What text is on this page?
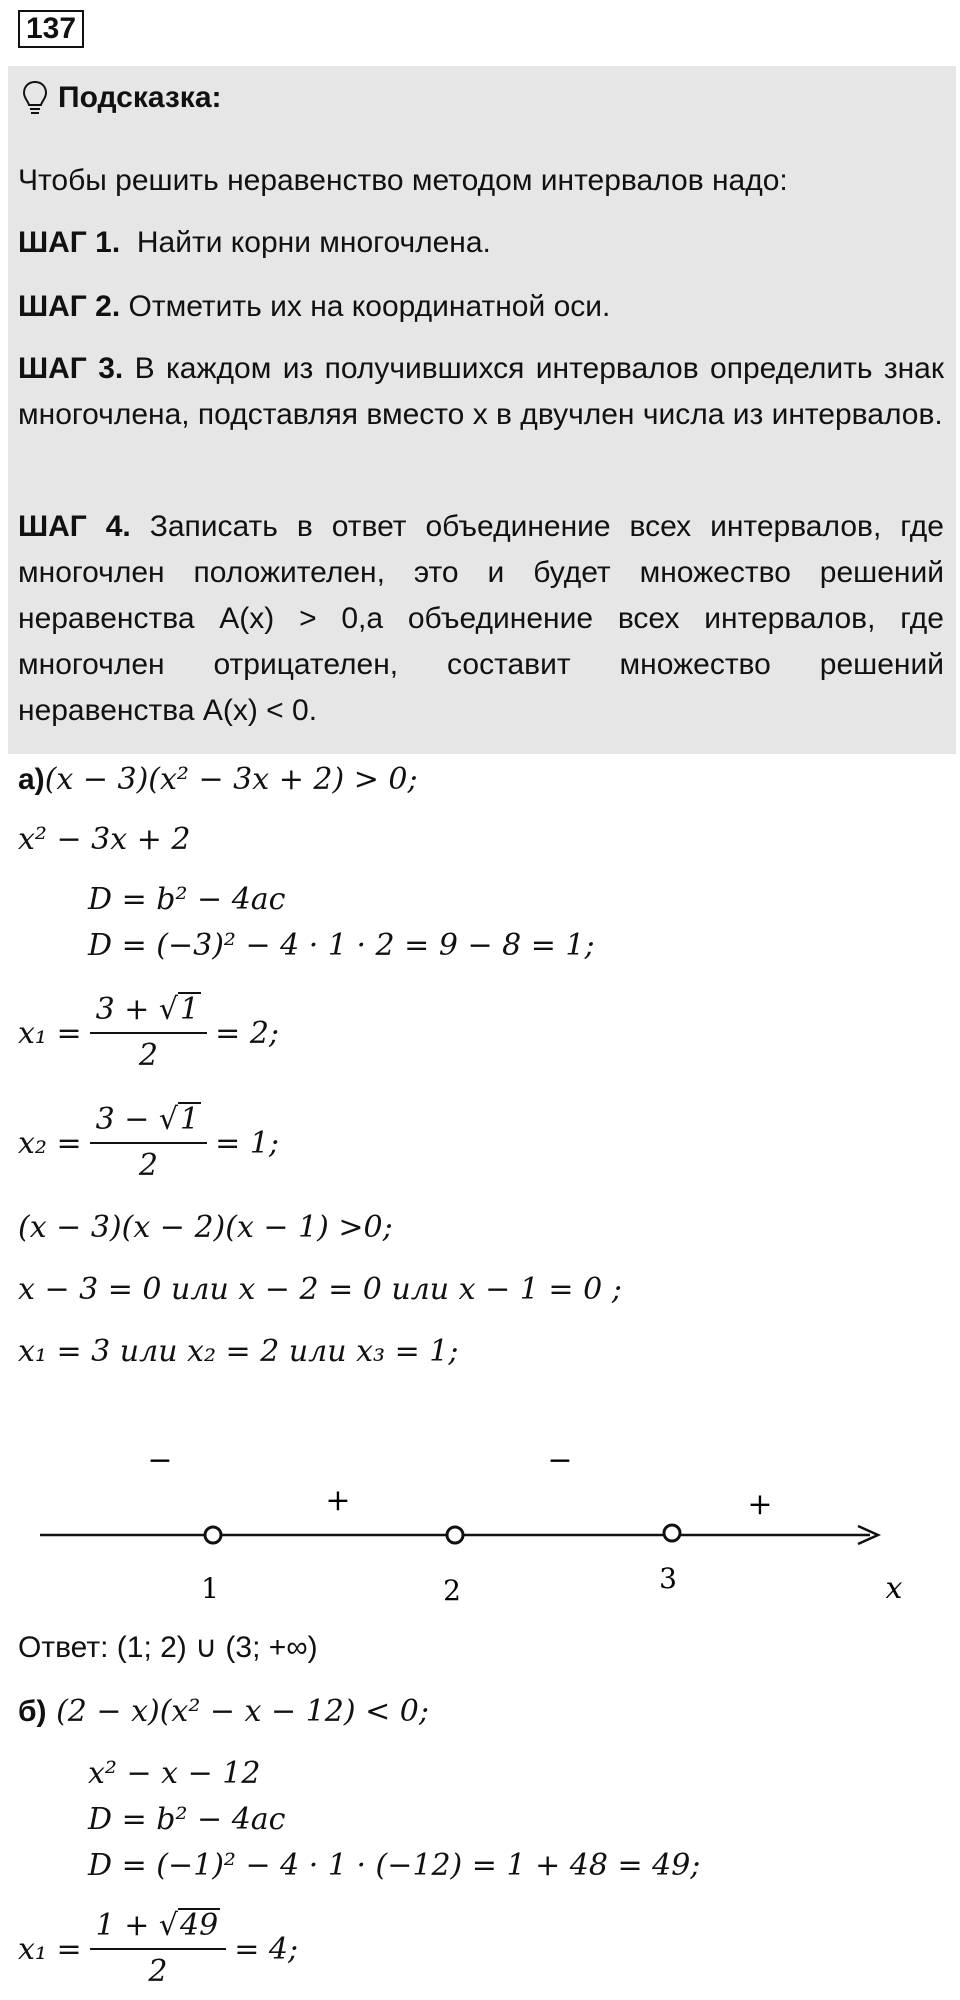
137
Подсказка:
Чтобы решить неравенство методом интервалов надо:
ШАГ 1. Найти корни многочлена.
ШАГ 2. Отметить их на координатной оси.
ШАГ 3. В каждом из получившихся интервалов определить знак многочлена, подставляя вместо x в двучлен числа из интервалов.
ШАГ 4. Записать в ответ объединение всех интервалов, где многочлен положителен, это и будет множество решений неравенства A(x) > 0,а объединение всех интервалов, где многочлен отрицателен, составит множество решений неравенства A(x) < 0.
а)(x − 3)(x² − 3x + 2) > 0;
x² − 3x + 2
D = b² − 4ac
D = (−3)² − 4 · 1 · 2 = 9 − 8 = 1;
$x_1 = \frac{3 + √ 1}{2} = 2$;
$x_2 = \frac{3 - √ 1}{2} = 1$;
(x − 3)(x − 2)(x − 1) >0;
x − 3 = 0 или x − 2 = 0 или x − 1 = 0 ;
x₁ = 3 или x₂ = 2 или x₃ = 1;
1	2	3
−
+
−
+
x
Ответ: (1; 2) ∪ (3; +∞)
б) (2 − x)(x² − x − 12) < 0;
x² − x − 12
D = b² − 4ac
D = (−1)² − 4 · 1 · (−12) = 1 + 48 = 49;
$x_1 = \frac{1 + √ 49}{2} = 4$;
